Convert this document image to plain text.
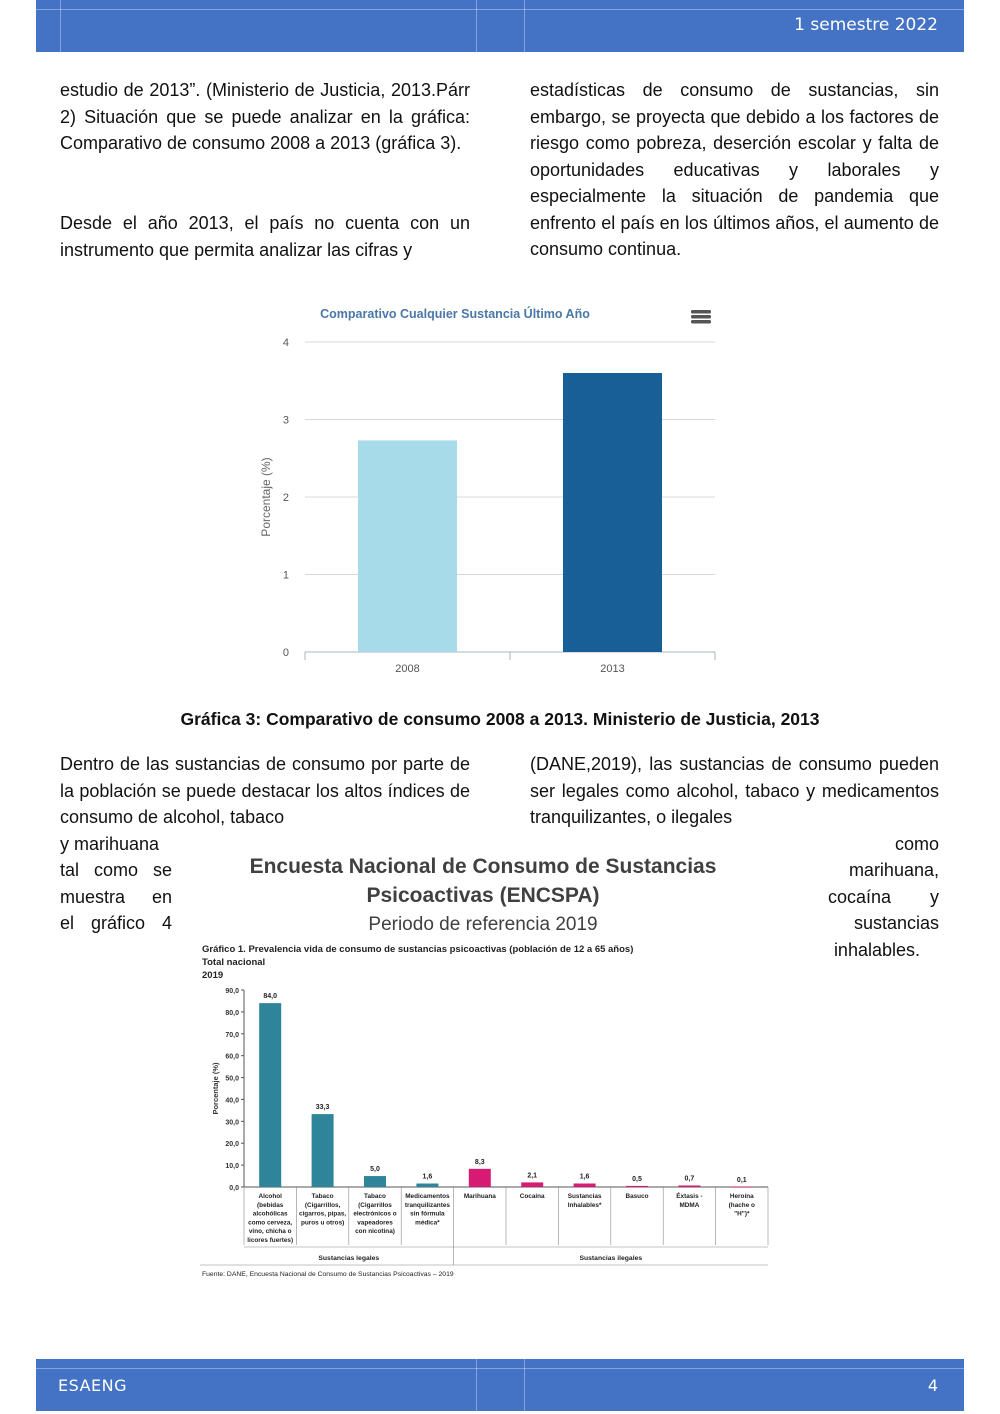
1 semestre 2022

estudio de 2013”. (Ministerio de Justicia, 2013.Párr 2) Situación que se puede analizar en la gráfica: Comparativo de consumo 2008 a 2013 (gráfica 3).

Desde el año 2013, el país no cuenta con un instrumento que permita analizar las cifras y

estadísticas de consumo de sustancias, sin embargo, se proyecta que debido a los factores de riesgo como pobreza, deserción escolar y falta de oportunidades educativas y laborales y especialmente la situación de pandemia que enfrento el país en los últimos años, el aumento de consumo continua.

Comparativo Cualquier Sustancia Último Año
0
1
2
3
4
Porcentaje (%)
2008	2013
Gráfica 3: Comparativo de consumo 2008 a 2013. Ministerio de Justicia, 2013

Dentro de las sustancias de consumo por parte de la población se puede destacar los altos índices de consumo de alcohol, tabaco

(DANE,2019), las sustancias de consumo pueden ser legales como alcohol, tabaco y medicamentos tranquilizantes, o ilegales

y marihuana
tal como se
muestra en
el gráfico 4
como
marihuana,
cocaína y
sustancias
inhalables.
Encuesta Nacional de Consumo de Sustancias
Psicoactivas (ENCSPA)
Periodo de referencia 2019
Gráfico 1. Prevalencia vida de consumo de sustancias psicoactivas (población de 12 a 65 años)
Total nacional
2019
0,0
10,0
20,0
30,0
40,0
50,0
60,0
70,0
80,0
90,0
Porcentaje (%)
84,0
Alcohol
(bebidas
alcohólicas
como cerveza,
vino, chicha o
licores fuertes)
33,3
Tabaco
(Cigarrillos,
cigarros, pipas,
puros u otros)
5,0
Tabaco
(Cigarrillos
electrónicos o
vapeadores
con nicotina)
1,6
Medicamentos
tranquilizantes
sin fórmula
médica*
8,3
Marihuana
2,1
Cocaína
1,6
Sustancias
Inhalables*
0,5
Basuco
0,7
Éxtasis -
MDMA
0,1
Heroína
(hache o
"H")*
Sustancias legales	Sustancias ilegales
Fuente: DANE, Encuesta Nacional de Consumo de Sustancias Psicoactivas – 2019
ESAENG	4
